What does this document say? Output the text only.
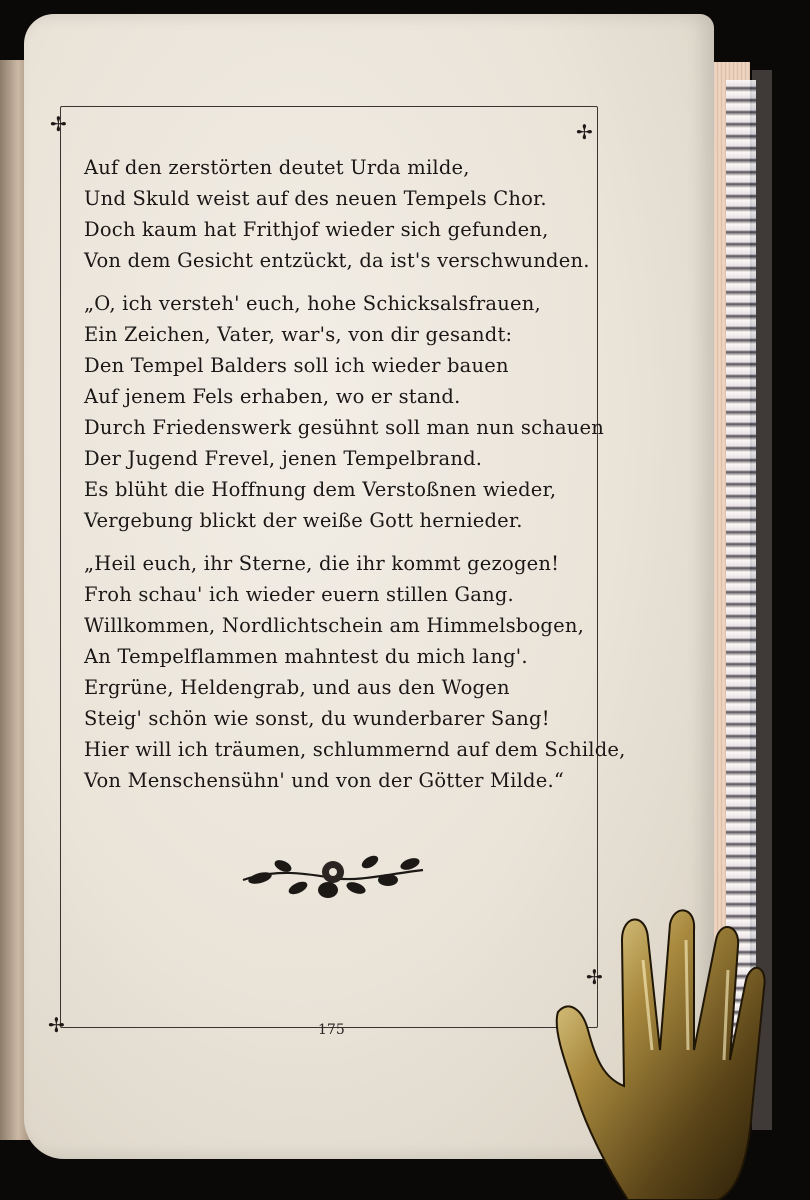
✢	✢
✢
✢
Auf den zerstörten deutet Urda milde,
Und Skuld weist auf des neuen Tempels Chor.
Doch kaum hat Frithjof wieder sich gefunden,
Von dem Gesicht entzückt, da ist's verschwunden.
„O, ich versteh' euch, hohe Schicksalsfrauen,
Ein Zeichen, Vater, war's, von dir gesandt:
Den Tempel Balders soll ich wieder bauen
Auf jenem Fels erhaben, wo er stand.
Durch Friedenswerk gesühnt soll man nun schauen
Der Jugend Frevel, jenen Tempelbrand.
Es blüht die Hoffnung dem Verstoßnen wieder,
Vergebung blickt der weiße Gott hernieder.
„Heil euch, ihr Sterne, die ihr kommt gezogen!
Froh schau' ich wieder euern stillen Gang.
Willkommen, Nordlichtschein am Himmelsbogen,
An Tempelflammen mahntest du mich lang'.
Ergrüne, Heldengrab, und aus den Wogen
Steig' schön wie sonst, du wunderbarer Sang!
Hier will ich träumen, schlummernd auf dem Schilde,
Von Menschensühn' und von der Götter Milde.“
175
